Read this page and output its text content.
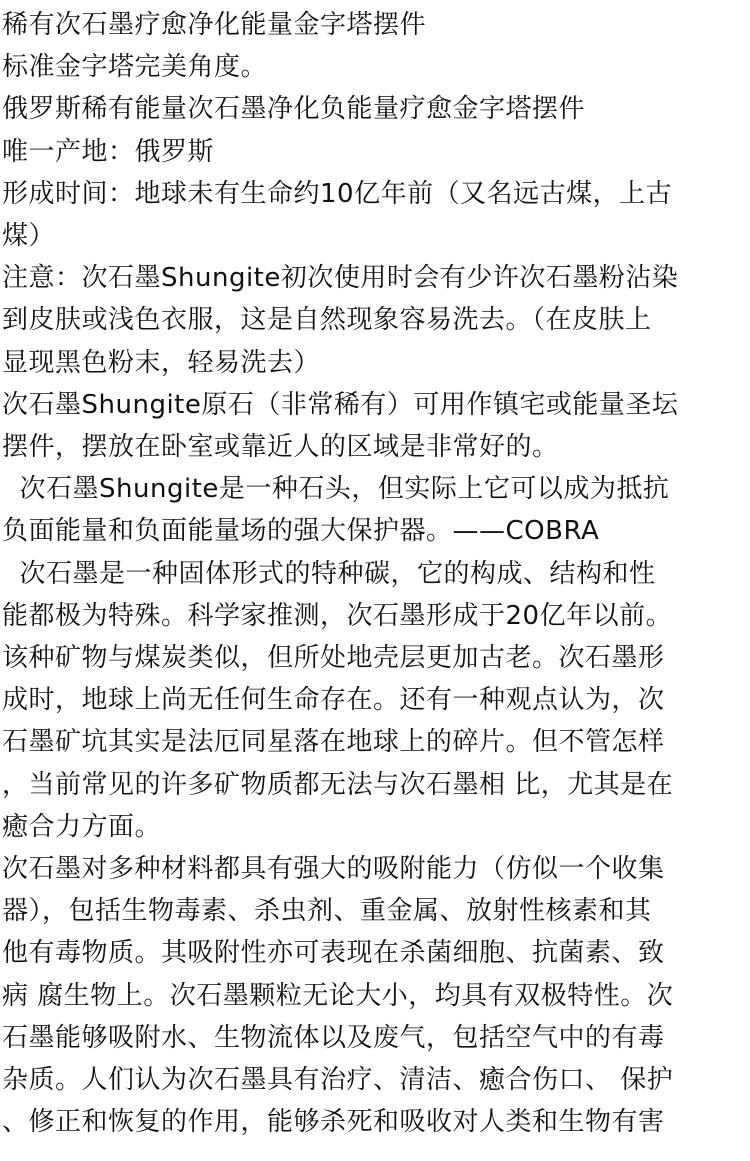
稀有次石墨疗愈净化能量金字塔摆件
标准金字塔完美角度。
俄罗斯稀有能量次石墨净化负能量疗愈金字塔摆件
唯一产地：俄罗斯
形成时间：地球未有生命约10亿年前（又名远古煤，上古
煤）
注意：次石墨Shungite初次使用时会有少许次石墨粉沾染
到皮肤或浅色衣服，这是自然现象容易洗去。（在皮肤上
显现黑色粉末，轻易洗去）
次石墨Shungite原石（非常稀有）可用作镇宅或能量圣坛
摆件，摆放在卧室或靠近人的区域是非常好的。
次石墨Shungite是一种石头，但实际上它可以成为抵抗
负面能量和负面能量场的强大保护器。——COBRA
次石墨是一种固体形式的特种碳，它的构成、结构和性
能都极为特殊。科学家推测，次石墨形成于20亿年以前。
该种矿物与煤炭类似，但所处地壳层更加古老。次石墨形
成时，地球上尚无任何生命存在。还有一种观点认为，次
石墨矿坑其实是法厄同星落在地球上的碎片。但不管怎样
，当前常见的许多矿物质都无法与次石墨相 比，尤其是在
癒合力方面。
次石墨对多种材料都具有强大的吸附能力（仿似一个收集
器），包括生物毒素、杀虫剂、重金属、放射性核素和其
他有毒物质。其吸附性亦可表现在杀菌细胞、抗菌素、致
病 腐生物上。次石墨颗粒无论大小，均具有双极特性。次
石墨能够吸附水、生物流体以及废气，包括空气中的有毒
杂质。人们认为次石墨具有治疗、清洁、癒合伤口、 保护
、修正和恢复的作用，能够杀死和吸收对人类和生物有害
